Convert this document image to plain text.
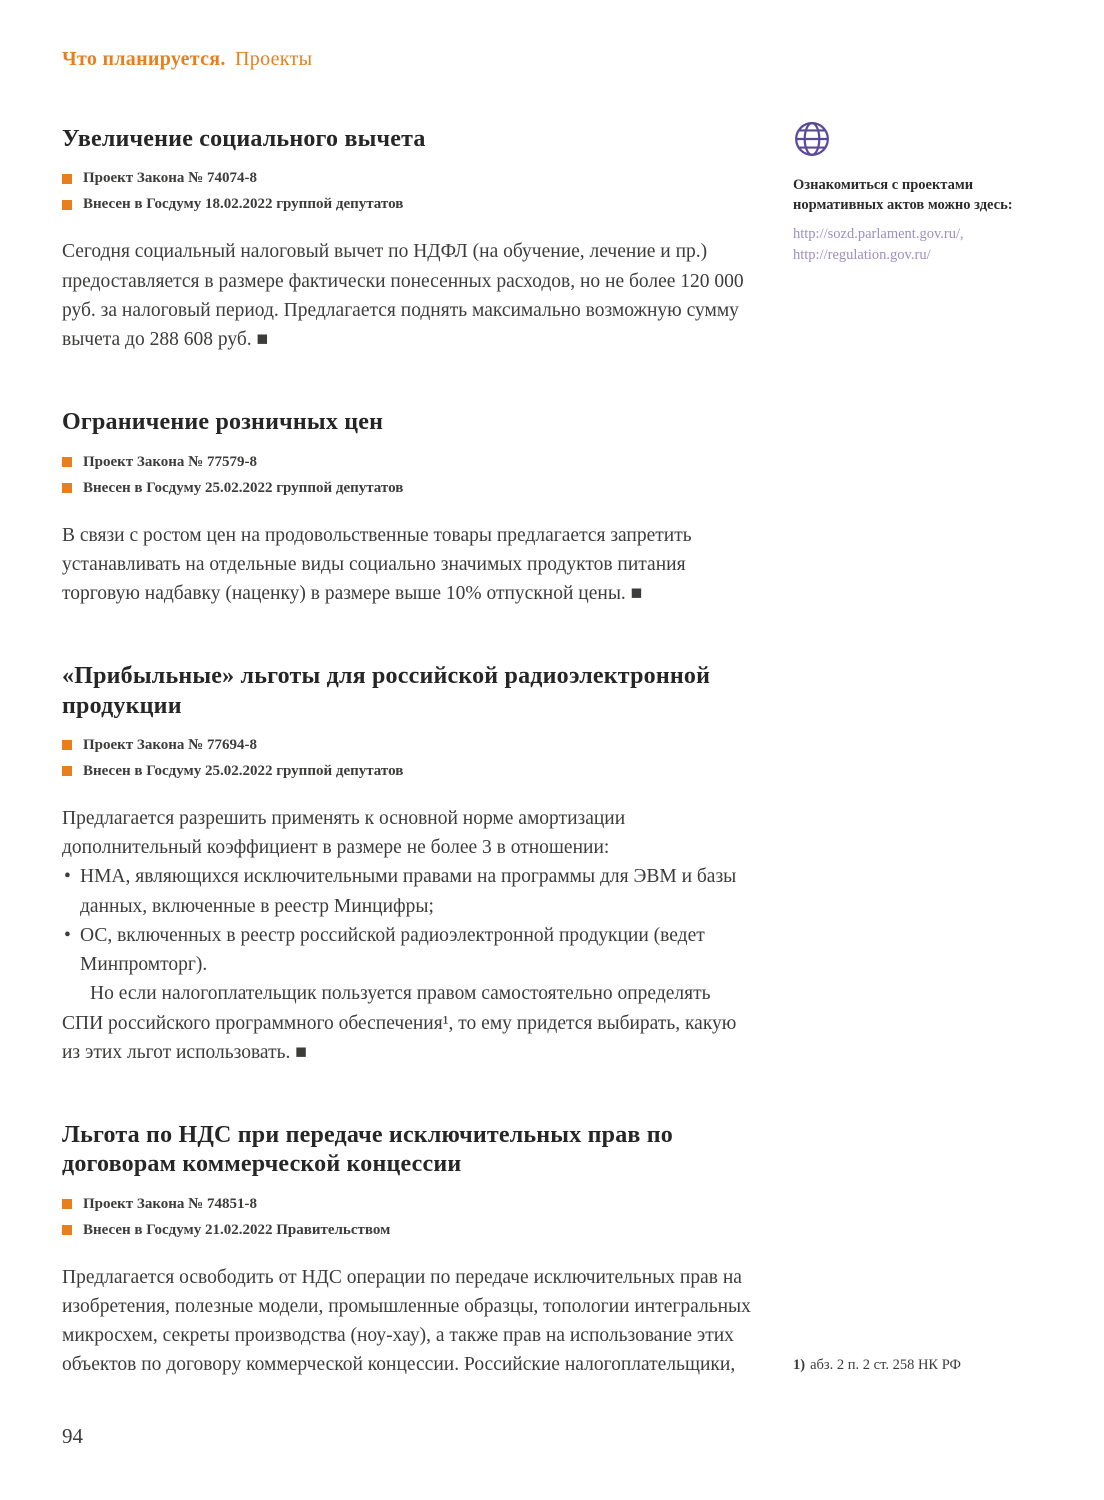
Что планируется. Проекты
Увеличение социального вычета
Проект Закона № 74074-8
Внесен в Госдуму 18.02.2022 группой депутатов

Сегодня социальный налоговый вычет по НДФЛ (на обучение, лечение и пр.) предоставляется в размере фактически понесенных расходов, но не более 120 000 руб. за налоговый период. Предлагается поднять максимально возможную сумму вычета до 288 608 руб. ■

Ограничение розничных цен
Проект Закона № 77579-8
Внесен в Госдуму 25.02.2022 группой депутатов

В связи с ростом цен на продовольственные товары предлагается запретить устанавливать на отдельные виды социально значимых продуктов питания торговую надбавку (наценку) в размере выше 10% отпускной цены. ■

«Прибыльные» льготы для российской радиоэлектронной продукции
Проект Закона № 77694-8
Внесен в Госдуму 25.02.2022 группой депутатов

Предлагается разрешить применять к основной норме амортизации дополнительный коэффициент в размере не более 3 в отношении:

• НМА, являющихся исключительными правами на программы для ЭВМ и базы данных, включенные в реестр Минцифры;

• ОС, включенных в реестр российской радиоэлектронной продукции (ведет Минпромторг).

Но если налогоплательщик пользуется правом самостоятельно определять СПИ российского программного обеспечения¹, то ему придется выбирать, какую из этих льгот использовать. ■

Льгота по НДС при передаче исключительных прав по договорам коммерческой концессии
Проект Закона № 74851-8
Внесен в Госдуму 21.02.2022 Правительством

Предлагается освободить от НДС операции по передаче исключительных прав на изобретения, полезные модели, промышленные образцы, топологии интегральных микросхем, секреты производства (ноу-хау), а также прав на использование этих объектов по договору коммерческой концессии. Российские налогоплательщики,

Ознакомиться с проектами нормативных актов можно здесь:
http://sozd.parlament.gov.ru/,
http://regulation.gov.ru/
1) абз. 2 п. 2 ст. 258 НК РФ
94
